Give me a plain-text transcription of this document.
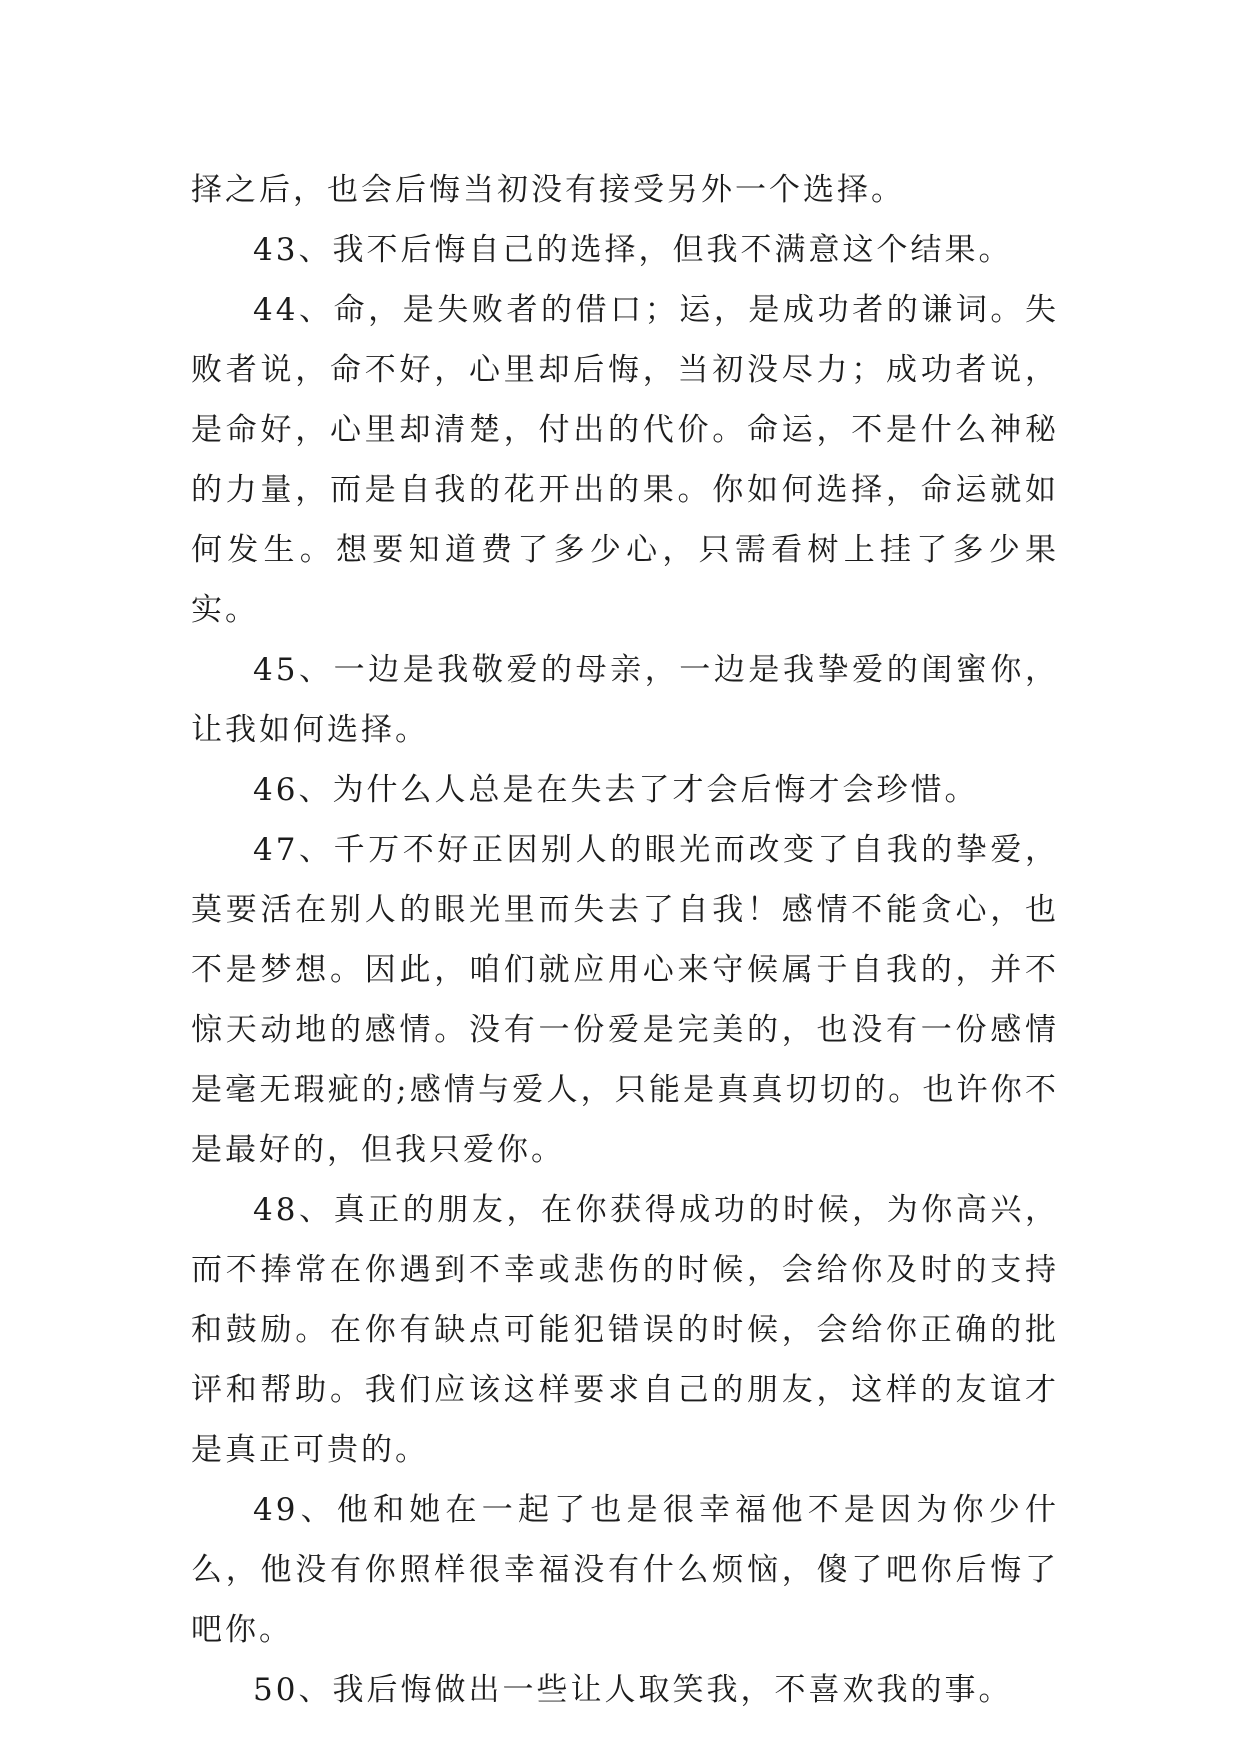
择之后，也会后悔当初没有接受另外一个选择。

43、我不后悔自己的选择，但我不满意这个结果。

44、命，是失败者的借口；运，是成功者的谦词。失败者说，命不好，心里却后悔，当初没尽力；成功者说，是命好，心里却清楚，付出的代价。命运，不是什么神秘的力量，而是自我的花开出的果。你如何选择，命运就如何发生。想要知道费了多少心，只需看树上挂了多少果实。

45、一边是我敬爱的母亲，一边是我挚爱的闺蜜你，让我如何选择。

46、为什么人总是在失去了才会后悔才会珍惜。

47、千万不好正因别人的眼光而改变了自我的挚爱，莫要活在别人的眼光里而失去了自我！感情不能贪心，也不是梦想。因此，咱们就应用心来守候属于自我的，并不惊天动地的感情。没有一份爱是完美的，也没有一份感情是毫无瑕疵的;感情与爱人，只能是真真切切的。也许你不是最好的，但我只爱你。

48、真正的朋友，在你获得成功的时候，为你高兴，而不捧常在你遇到不幸或悲伤的时候，会给你及时的支持和鼓励。在你有缺点可能犯错误的时候，会给你正确的批评和帮助。我们应该这样要求自己的朋友，这样的友谊才是真正可贵的。

49、他和她在一起了也是很幸福他不是因为你少什么，他没有你照样很幸福没有什么烦恼，傻了吧你后悔了吧你。

50、我后悔做出一些让人取笑我，不喜欢我的事。
